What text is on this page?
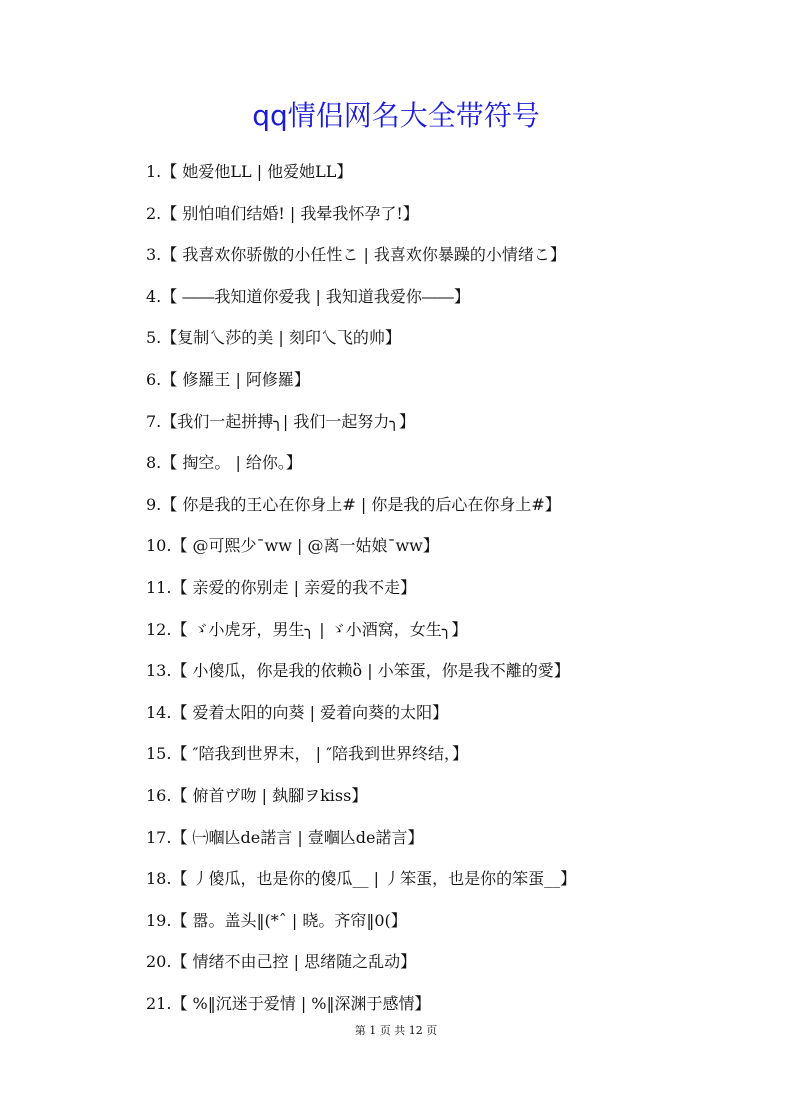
qq情侣网名大全带符号
1.【 她爱他LL | 他爱她LL】
2.【 别怕咱们结婚! | 我晕我怀孕了!】
3.【 我喜欢你骄傲的小任性こ | 我喜欢你暴躁的小情绪こ】
4.【 ――我知道你爱我 | 我知道我爱你――】
5.【复制乀莎的美 | 刻印乀飞的帅】
6.【 修羅王 | 阿修羅】
7.【我们一起拼搏╮| 我们一起努力╮】
8.【 掏空。 | 给你。】
9.【 你是我的王心在你身上# | 你是我的后心在你身上#】
10.【 @可熙少¯ww | @离一姑娘¯ww】
11.【 亲爱的你别走 | 亲爱的我不走】
12.【 ゞ小虎牙，男生╮ | ゞ小酒窝，女生╮】
13.【 小傻瓜，你是我的依赖ὃ | 小笨蛋，你是我不離的愛】
14.【 爱着太阳的向葵 | 爱着向葵的太阳】
15.【 ″陪我到世界末， | ″陪我到世界终结，】
16.【 俯首ヴ吻 | 埶腳ヲkiss】
17.【 ㈠嗰亾de諾言 | 壹嗰亾de諾言】
18.【 丿傻瓜，也是你的傻瓜__ | 丿笨蛋，也是你的笨蛋__】
19.【 嚣。盖头‖(*ˆ | 晓。齐帘‖0(】
20.【 情绪不由己控 | 思绪随之乱动】
21.【 %‖沉迷于爱情 | %‖深渊于感情】
第 1 页 共 12 页
